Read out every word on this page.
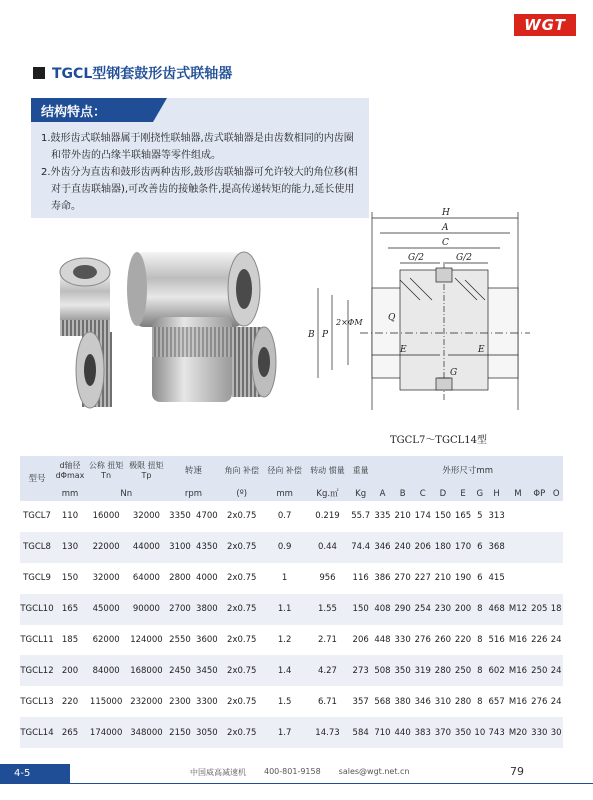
WGT
TGCL型钢套鼓形齿式联轴器
结构特点：

1.鼓形齿式联轴器属于刚挠性联轴器,齿式联轴器是由齿数相同的内齿圈和带外齿的凸缘半联轴器等零件组成。

2.外齿分为直齿和鼓形齿两种齿形,鼓形齿联轴器可允许较大的角位移(相对于直齿联轴器),可改善齿的接触条件,提高传递转矩的能力,延长使用寿命。

H
A
C
G/2	G/2
B P
2×ΦM	Q
E	E
G
TGCL7～TGCL14型
型号	d轴径 dΦmax	公称 扭矩 Tn
极限 扭矩 Tp		转速		角向 补偿	径向 补偿	转动 惯量	重量	外形尺寸mm									
	mm	Nn		rpm		(º)	mm	Kg.㎡	Kg	A	B	C	D	E	G	H	M	ΦP	O
TGCL7	110	16000	32000	3350	4700	2x0.75	0.7	0.219	55.7	335	210	174	150	165	5	313			
TGCL8	130	22000	44000	3100	4350	2x0.75	0.9	0.44	74.4	346	240	206	180	170	6	368			
TGCL9	150	32000	64000	2800	4000	2x0.75	1	956	116	386	270	227	210	190	6	415			
TGCL10	165	45000	90000	2700	3800	2x0.75	1.1	1.55	150	408	290	254	230	200	8	468	M12	205	18
TGCL11	185	62000	124000	2550	3600	2x0.75	1.2	2.71	206	448	330	276	260	220	8	516	M16	226	24
TGCL12	200	84000	168000	2450	3450	2x0.75	1.4	4.27	273	508	350	319	280	250	8	602	M16	250	24
TGCL13	220	115000	232000	2300	3300	2x0.75	1.5	6.71	357	568	380	346	310	280	8	657	M16	276	24
TGCL14	265	174000	348000	2150	3050	2x0.75	1.7	14.73	584	710	440	383	370	350	10	743	M20	330	30
4-5	中国威高减速机 400-801-9158 sales@wgt.net.cn	79
